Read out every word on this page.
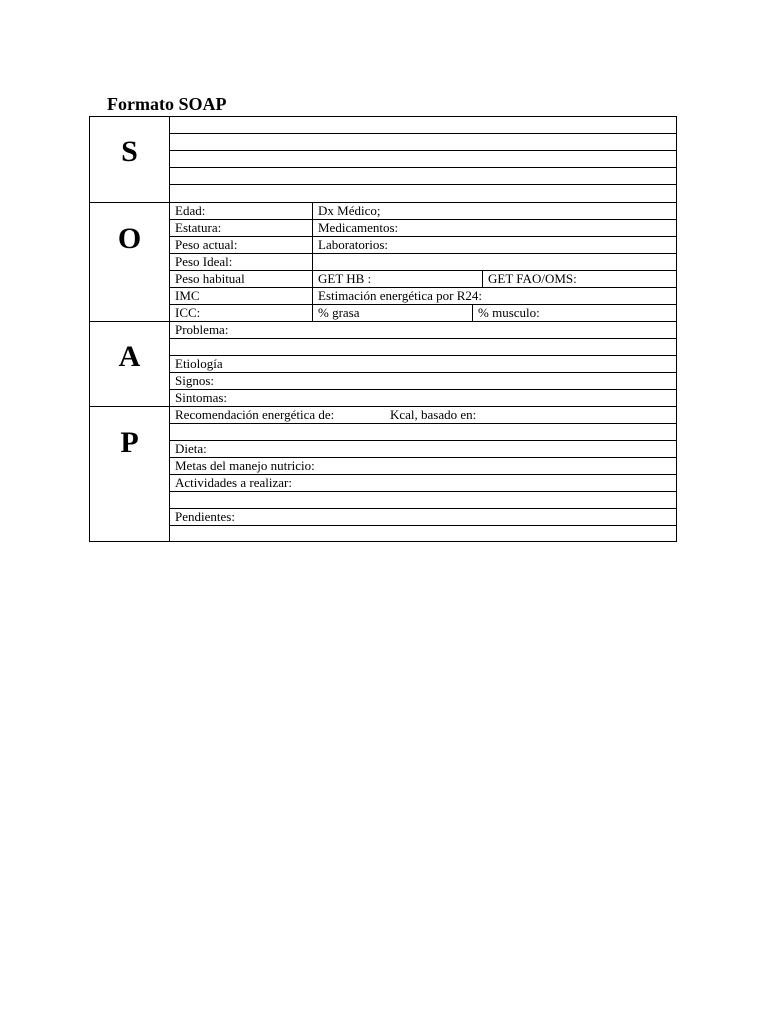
Formato SOAP
S
O
Edad:	Dx Médico;
Estatura:	Medicamentos:
Peso actual:	Laboratorios:
Peso Ideal:
Peso habitual	GET HB :	GET FAO/OMS:
IMC	Estimación energética por R24:
ICC:	% grasa	% musculo:
A
Problema:
Etiología
Signos:
Sintomas:
P
Recomendación energética de:	Kcal, basado en:
Dieta:
Metas del manejo nutricio:
Actividades a realizar:
Pendientes:
